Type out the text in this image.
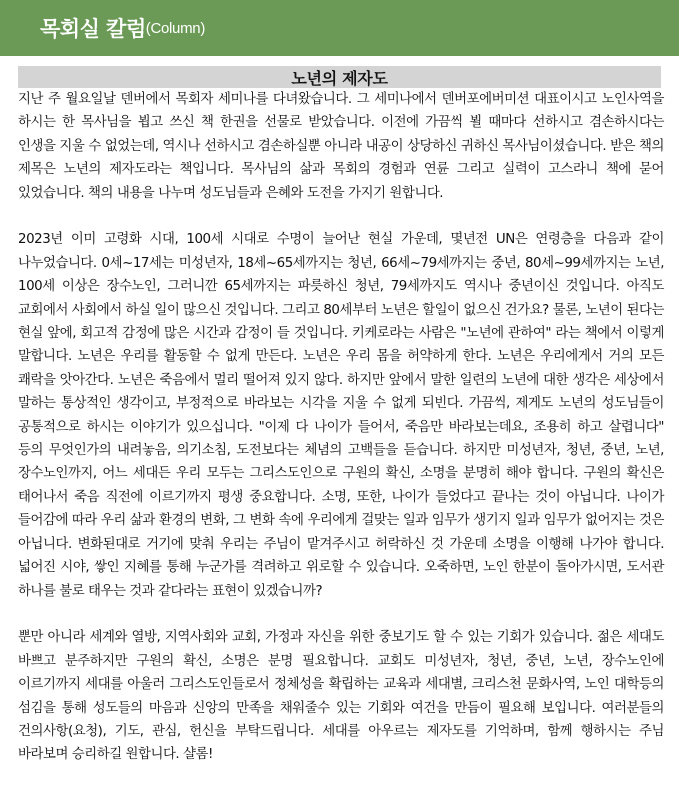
목회실 칼럼 (Column)
노년의 제자도

지난 주 월요일날 덴버에서 목회자 세미나를 다녀왔습니다. 그 세미나에서 덴버포에버미션 대표이시고 노인사역을 하시는 한 목사님을 뵙고 쓰신 책 한권을 선물로 받았습니다. 이전에 가끔씩 뵐 때마다 선하시고 겸손하시다는 인생을 지울 수 없었는데, 역시나 선하시고 겸손하실뿐 아니라 내공이 상당하신 귀하신 목사님이셨습니다. 받은 책의 제목은 노년의 제자도라는 책입니다. 목사님의 삶과 목회의 경험과 연륜 그리고 실력이 고스라니 책에 묻어 있었습니다. 책의 내용을 나누며 성도님들과 은혜와 도전을 가지기 원합니다.

2023년 이미 고령화 시대, 100세 시대로 수명이 늘어난 현실 가운데, 몇년전 UN은 연령층을 다음과 같이 나누었습니다. 0세~17세는 미성년자, 18세~65세까지는 청년, 66세~79세까지는 중년, 80세~99세까지는 노년, 100세 이상은 장수노인, 그러니깐 65세까지는 파릇하신 청년, 79세까지도 역시나 중년이신 것입니다. 아직도 교회에서 사회에서 하실 일이 많으신 것입니다. 그리고 80세부터 노년은 할일이 없으신 건가요? 물론, 노년이 된다는 현실 앞에, 회고적 감정에 많은 시간과 감정이 들 것입니다. 키케로라는 사람은 "노년에 관하여" 라는 책에서 이렇게 말합니다. 노년은 우리를 활동할 수 없게 만든다. 노년은 우리 몸을 허약하게 한다. 노년은 우리에게서 거의 모든 쾌락을 앗아간다. 노년은 죽음에서 멀리 떨어져 있지 않다. 하지만 앞에서 말한 일련의 노년에 대한 생각은 세상에서 말하는 통상적인 생각이고, 부정적으로 바라보는 시각을 지울 수 없게 되빈다. 가끔씩, 제게도 노년의 성도님들이 공통적으로 하시는 이야기가 있으십니다. "이제 다 나이가 들어서, 죽음만 바라보는데요, 조용히 하고 살렵니다" 등의 무엇인가의 내려놓음, 의기소침, 도전보다는 체념의 고백들을 듣습니다. 하지만 미성년자, 청년, 중년, 노년, 장수노인까지, 어느 세대든 우리 모두는 그리스도인으로 구원의 확신, 소명을 분명히 해야 합니다. 구원의 확신은 태어나서 죽음 직전에 이르기까지 평생 중요합니다. 소명, 또한, 나이가 들었다고 끝나는 것이 아닙니다. 나이가 들어감에 따라 우리 삶과 환경의 변화, 그 변화 속에 우리에게 걸맞는 일과 임무가 생기지 일과 임무가 없어지는 것은 아닙니다. 변화된대로 거기에 맞춰 우리는 주님이 맡겨주시고 허락하신 것 가운데 소명을 이행해 나가야 합니다. 넓어진 시야, 쌓인 지혜를 통해 누군가를 격려하고 위로할 수 있습니다. 오죽하면, 노인 한분이 돌아가시면, 도서관 하나를 불로 태우는 것과 같다라는 표현이 있겠습니까?

뿐만 아니라 세계와 열방, 지역사회와 교회, 가정과 자신을 위한 중보기도 할 수 있는 기회가 있습니다. 젊은 세대도 바쁘고 분주하지만 구원의 확신, 소명은 분명 필요합니다. 교회도 미성년자, 청년, 중년, 노년, 장수노인에 이르기까지 세대를 아울러 그리스도인들로서 정체성을 확립하는 교육과 세대별, 크리스천 문화사역, 노인 대학등의 섬김을 통해 성도들의 마음과 신앙의 만족을 채워줄수 있는 기회와 여건을 만듬이 필요해 보입니다. 여러분들의 건의사항(요청), 기도, 관심, 헌신을 부탁드립니다. 세대를 아우르는 제자도를 기억하며, 함께 행하시는 주님 바라보며 승리하길 원합니다. 샬롬!
